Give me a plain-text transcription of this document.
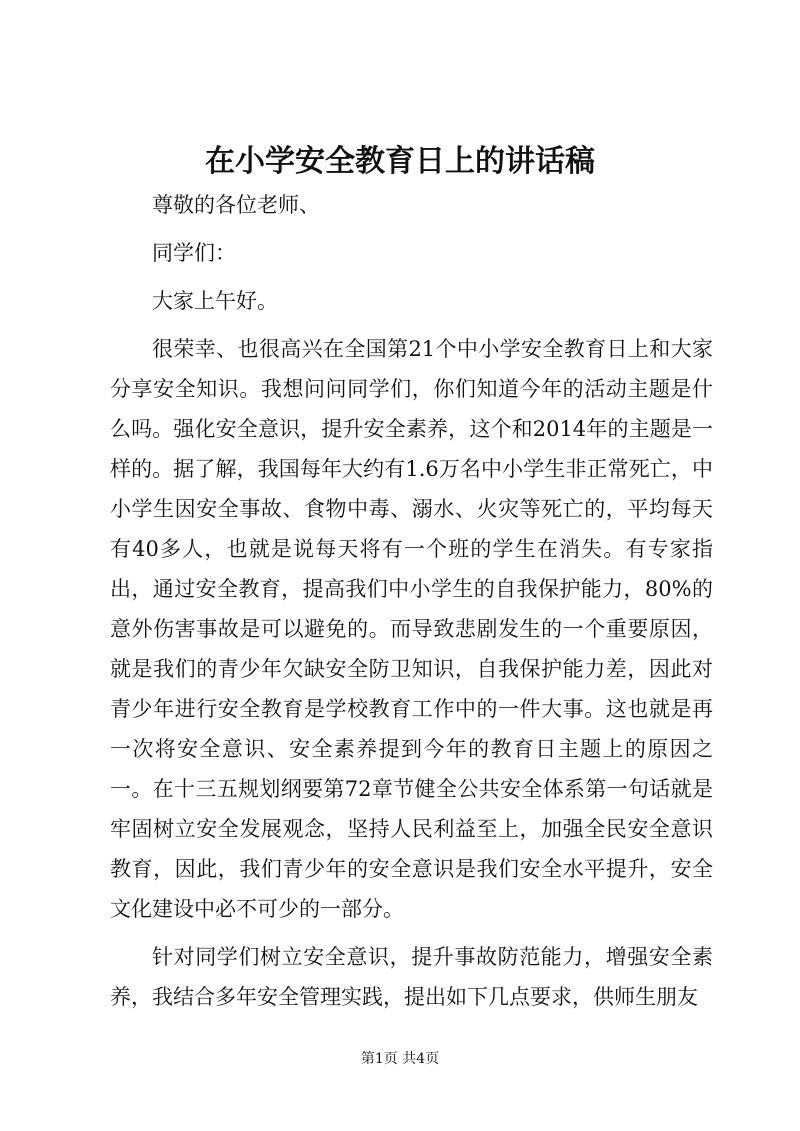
在小学安全教育日上的讲话稿

尊敬的各位老师、

同学们：

大家上午好。

很荣幸、也很高兴在全国第21个中小学安全教育日上和大家分享安全知识。我想问问同学们，你们知道今年的活动主题是什么吗。强化安全意识，提升安全素养，这个和2014年的主题是一样的。据了解，我国每年大约有1.6万名中小学生非正常死亡，中小学生因安全事故、食物中毒、溺水、火灾等死亡的，平均每天有40多人，也就是说每天将有一个班的学生在消失。有专家指出，通过安全教育，提高我们中小学生的自我保护能力，80%的意外伤害事故是可以避免的。而导致悲剧发生的一个重要原因，就是我们的青少年欠缺安全防卫知识，自我保护能力差，因此对青少年进行安全教育是学校教育工作中的一件大事。这也就是再一次将安全意识、安全素养提到今年的教育日主题上的原因之一。在十三五规划纲要第72章节健全公共安全体系第一句话就是牢固树立安全发展观念，坚持人民利益至上，加强全民安全意识教育，因此，我们青少年的安全意识是我们安全水平提升，安全文化建设中必不可少的一部分。

针对同学们树立安全意识，提升事故防范能力，增强安全素养，我结合多年安全管理实践，提出如下几点要求，供师生朋友

第1页 共4页
